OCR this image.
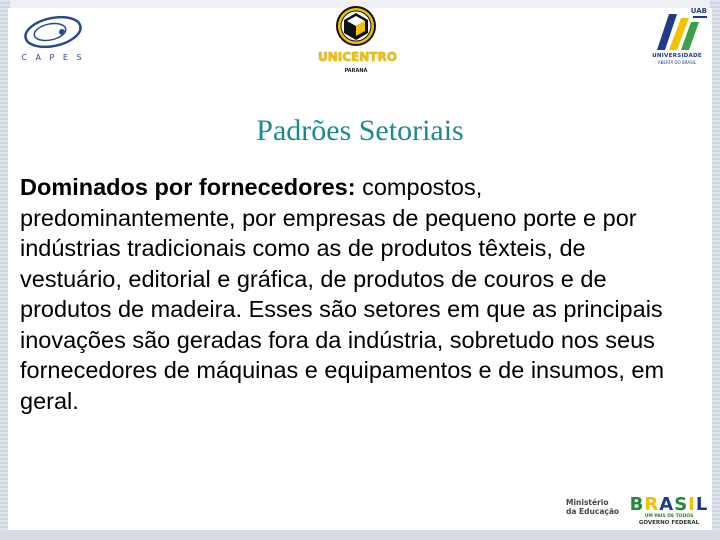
C A P E S	UNICENTRO
PARANÁ
UAB
UNIVERSIDADE
ABERTA DO BRASIL
Padrões Setoriais
Dominados por fornecedores: compostos, predominantemente, por empresas de pequeno porte e por indústrias tradicionais como as de produtos têxteis, de vestuário, editorial e gráfica, de produtos de couros e de produtos de madeira. Esses são setores em que as principais inovações são geradas fora da indústria, sobretudo nos seus fornecedores de máquinas e equipamentos e de insumos, em geral.
Ministério
da Educação BRASIL
UM PAÍS DE TODOS
GOVERNO FEDERAL
